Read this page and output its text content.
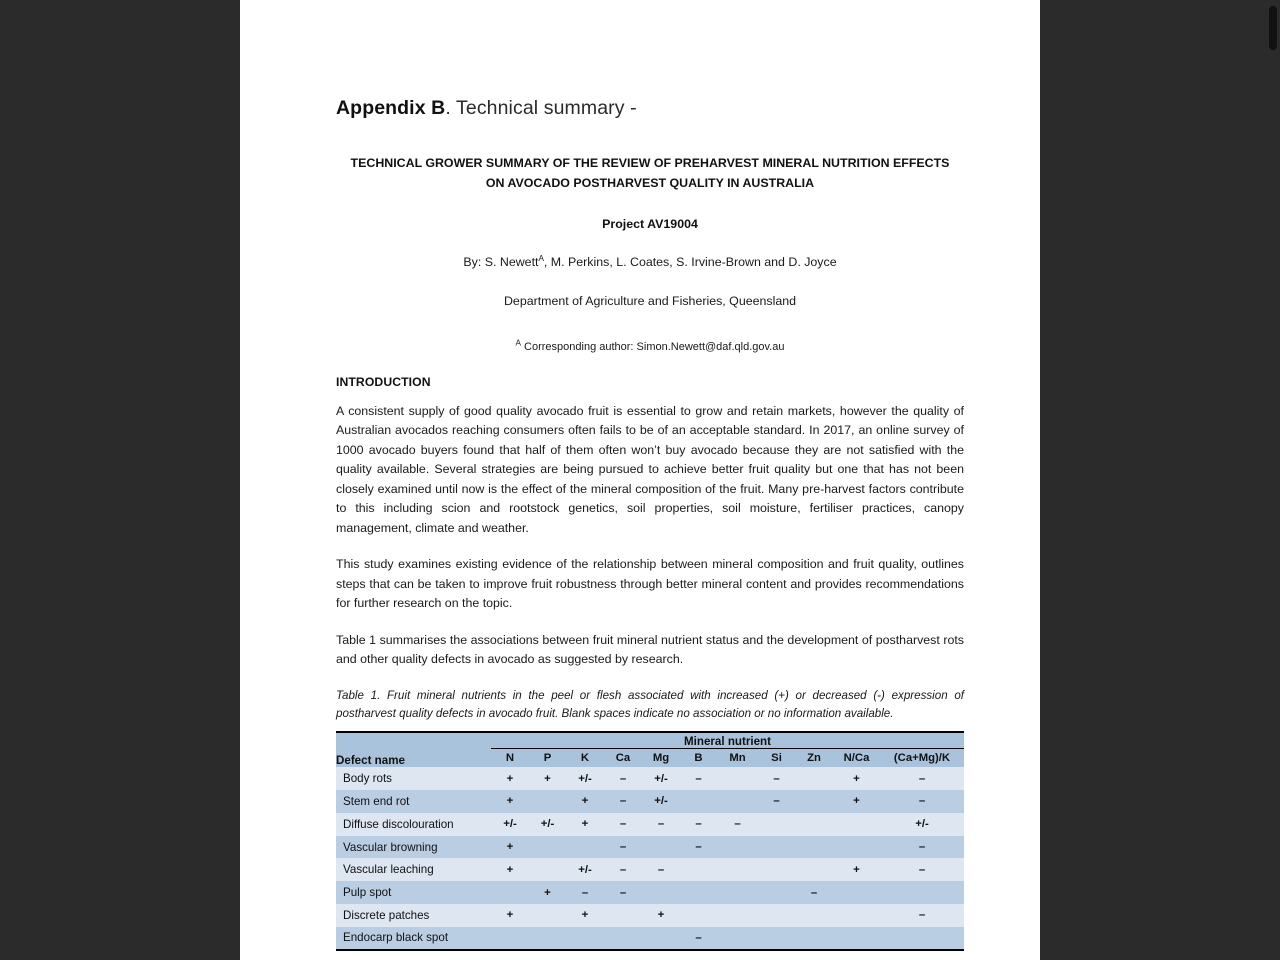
Appendix B. Technical summary -
TECHNICAL GROWER SUMMARY OF THE REVIEW OF PREHARVEST MINERAL NUTRITION EFFECTS
ON AVOCADO POSTHARVEST QUALITY IN AUSTRALIA
Project AV19004
By: S. Newett$^A$, M. Perkins, L. Coates, S. Irvine-Brown and D. Joyce
Department of Agriculture and Fisheries, Queensland
$^A$ Corresponding author: Simon.Newett@daf.qld.gov.au
INTRODUCTION

A consistent supply of good quality avocado fruit is essential to grow and retain markets, however the quality of Australian avocados reaching consumers often fails to be of an acceptable standard. In 2017, an online survey of 1000 avocado buyers found that half of them often won’t buy avocado because they are not satisfied with the quality available. Several strategies are being pursued to achieve better fruit quality but one that has not been closely examined until now is the effect of the mineral composition of the fruit. Many pre-harvest factors contribute to this including scion and rootstock genetics, soil properties, soil moisture, fertiliser practices, canopy management, climate and weather.

This study examines existing evidence of the relationship between mineral composition and fruit quality, outlines steps that can be taken to improve fruit robustness through better mineral content and provides recommendations for further research on the topic.

Table 1 summarises the associations between fruit mineral nutrient status and the development of postharvest rots and other quality defects in avocado as suggested by research.

Table 1. Fruit mineral nutrients in the peel or flesh associated with increased (+) or decreased (-) expression of postharvest quality defects in avocado fruit. Blank spaces indicate no association or no information available.

Defect name	Mineral nutrient										
	N	P	K	Ca	Mg	B	Mn	Si	Zn	N/Ca	(Ca+Mg)/K
Body rots	+	+	+/-	–	+/-	–		–		+	–
Stem end rot	+		+	–	+/-			–		+	–
Diffuse discolouration	+/-	+/-	+	–	–	–	–				+/-
Vascular browning	+			–		–					–
Vascular leaching	+		+/-	–	–					+	–
Pulp spot		+	–	–					–		
Discrete patches	+		+		+						–
Endocarp black spot						–					
